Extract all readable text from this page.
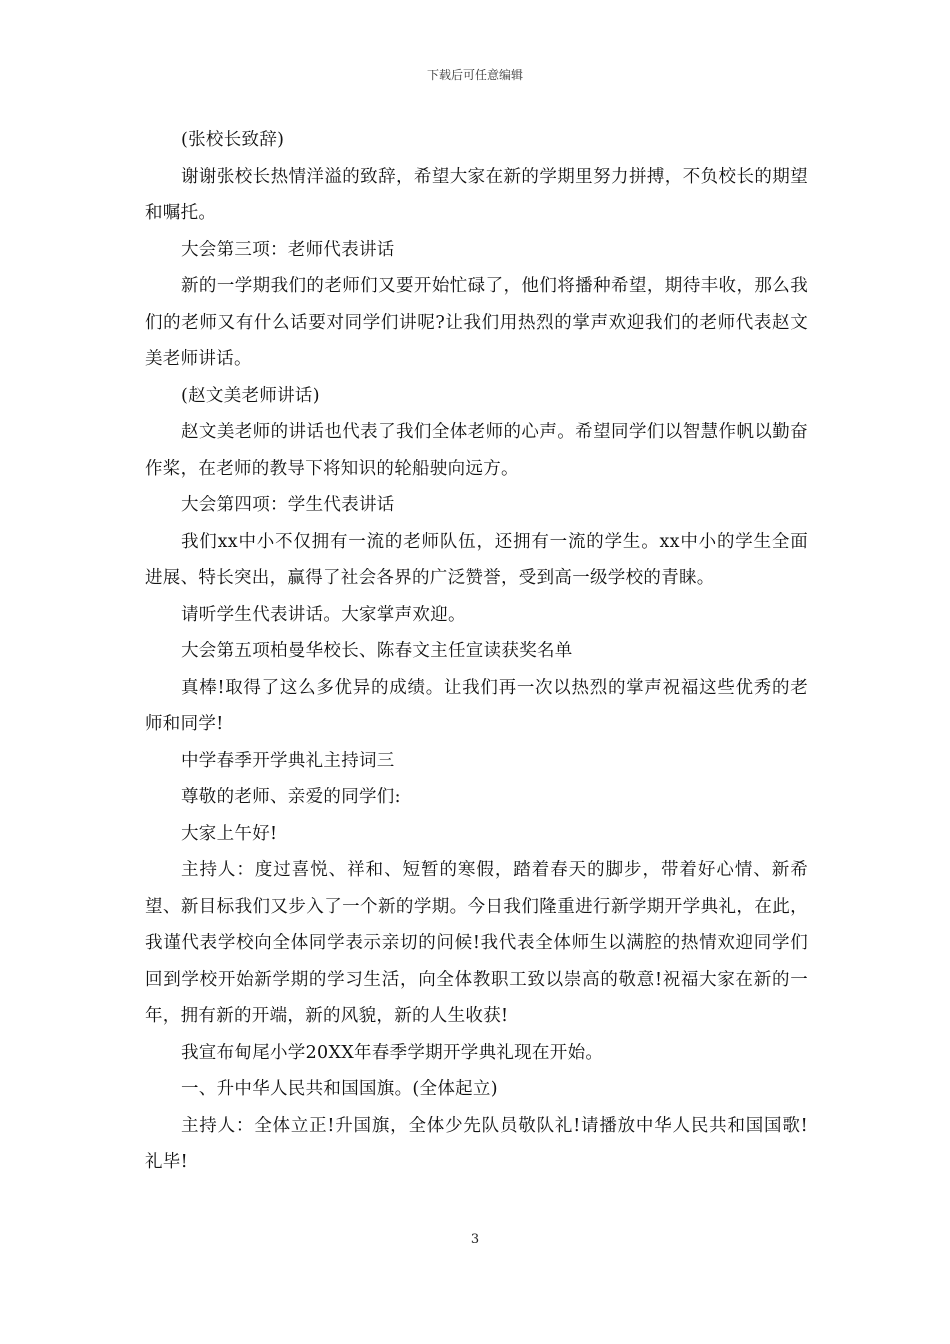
下载后可任意编辑

(张校长致辞)

谢谢张校长热情洋溢的致辞，希望大家在新的学期里努力拼搏，不负校长的期望和嘱托。

大会第三项：老师代表讲话

新的一学期我们的老师们又要开始忙碌了，他们将播种希望，期待丰收，那么我们的老师又有什么话要对同学们讲呢?让我们用热烈的掌声欢迎我们的老师代表赵文美老师讲话。

(赵文美老师讲话)

赵文美老师的讲话也代表了我们全体老师的心声。希望同学们以智慧作帆以勤奋作桨，在老师的教导下将知识的轮船驶向远方。

大会第四项：学生代表讲话

我们xx中小不仅拥有一流的老师队伍，还拥有一流的学生。xx中小的学生全面进展、特长突出，赢得了社会各界的广泛赞誉，受到高一级学校的青睐。

请听学生代表讲话。大家掌声欢迎。

大会第五项柏曼华校长、陈春文主任宣读获奖名单

真棒!取得了这么多优异的成绩。让我们再一次以热烈的掌声祝福这些优秀的老师和同学!

中学春季开学典礼主持词三

尊敬的老师、亲爱的同学们:

大家上午好!

主持人：度过喜悦、祥和、短暂的寒假，踏着春天的脚步，带着好心情、新希望、新目标我们又步入了一个新的学期。今日我们隆重进行新学期开学典礼，在此，我谨代表学校向全体同学表示亲切的问候!我代表全体师生以满腔的热情欢迎同学们回到学校开始新学期的学习生活，向全体教职工致以崇高的敬意!祝福大家在新的一年，拥有新的开端，新的风貌，新的人生收获!

我宣布甸尾小学20XX年春季学期开学典礼现在开始。

一、升中华人民共和国国旗。(全体起立)

主持人：全体立正!升国旗，全体少先队员敬队礼!请播放中华人民共和国国歌!礼毕!

3
